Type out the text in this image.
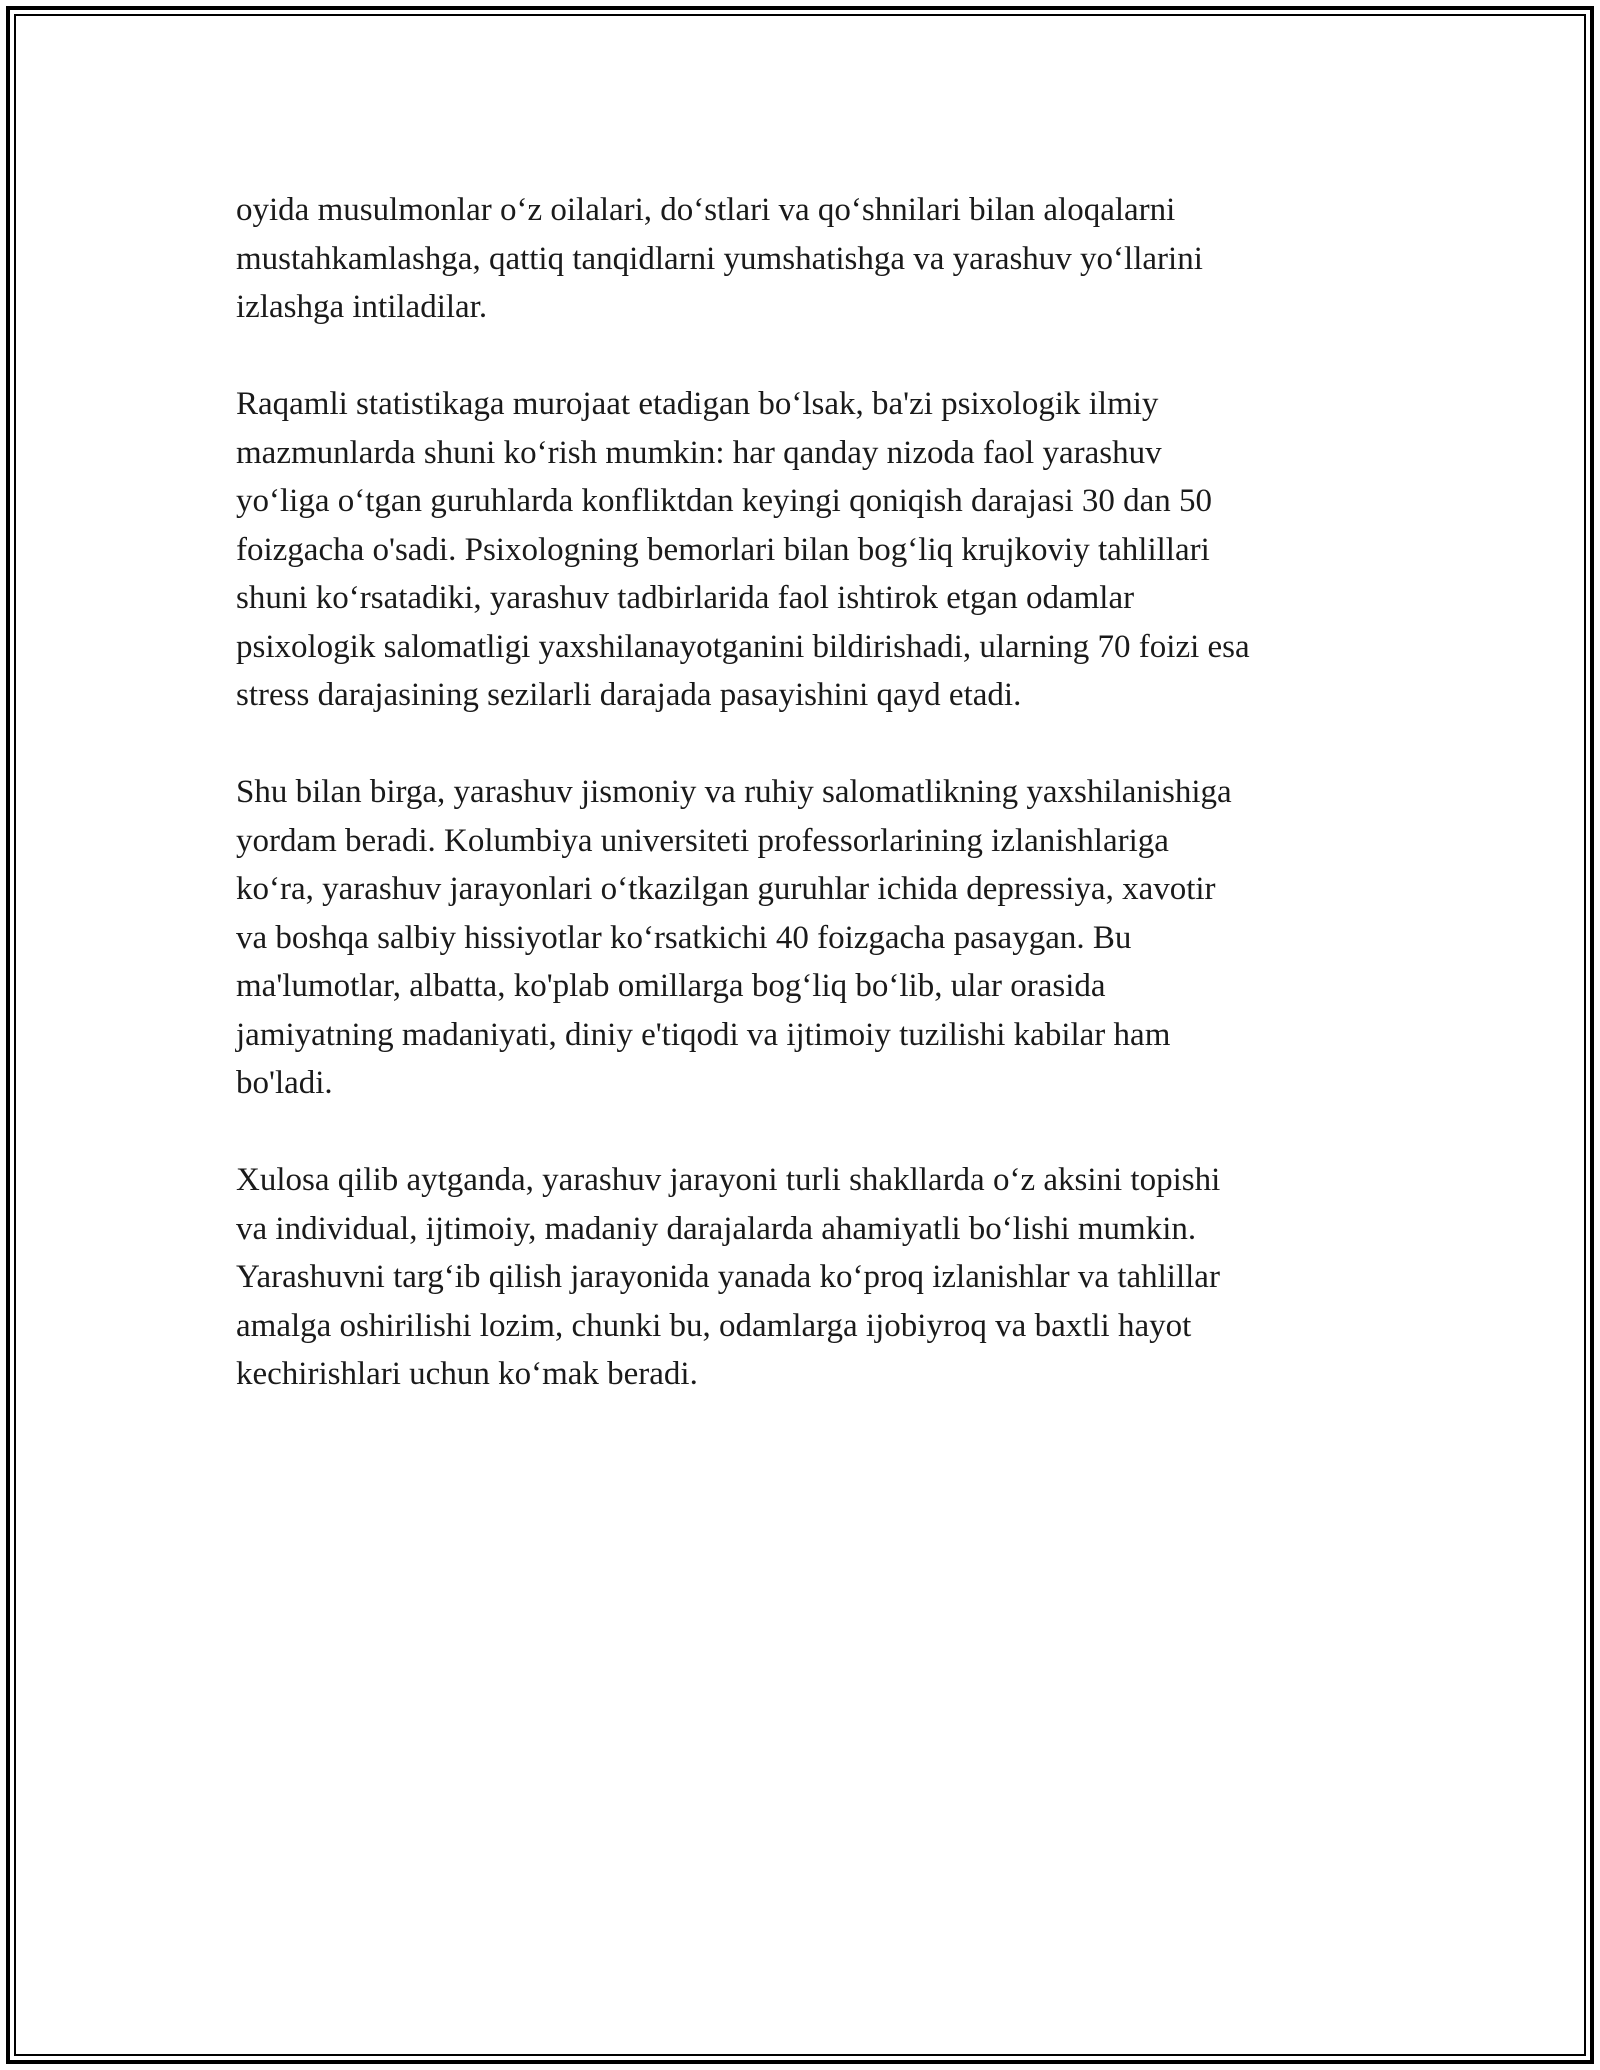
oyida musulmonlar o‘z oilalari, do‘stlari va qo‘shnilari bilan aloqalarni
mustahkamlashga, qattiq tanqidlarni yumshatishga va yarashuv yo‘llarini
izlashga intiladilar.
Raqamli statistikaga murojaat etadigan bo‘lsak, ba'zi psixologik ilmiy
mazmunlarda shuni ko‘rish mumkin: har qanday nizoda faol yarashuv
yo‘liga o‘tgan guruhlarda konfliktdan keyingi qoniqish darajasi 30 dan 50
foizgacha o'sadi. Psixologning bemorlari bilan bog‘liq krujkoviy tahlillari
shuni ko‘rsatadiki, yarashuv tadbirlarida faol ishtirok etgan odamlar
psixologik salomatligi yaxshilanayotganini bildirishadi, ularning 70 foizi esa
stress darajasining sezilarli darajada pasayishini qayd etadi.
Shu bilan birga, yarashuv jismoniy va ruhiy salomatlikning yaxshilanishiga
yordam beradi. Kolumbiya universiteti professorlarining izlanishlariga
ko‘ra, yarashuv jarayonlari o‘tkazilgan guruhlar ichida depressiya, xavotir
va boshqa salbiy hissiyotlar ko‘rsatkichi 40 foizgacha pasaygan. Bu
ma'lumotlar, albatta, ko'plab omillarga bog‘liq bo‘lib, ular orasida
jamiyatning madaniyati, diniy e'tiqodi va ijtimoiy tuzilishi kabilar ham
bo'ladi.
Xulosa qilib aytganda, yarashuv jarayoni turli shakllarda o‘z aksini topishi
va individual, ijtimoiy, madaniy darajalarda ahamiyatli bo‘lishi mumkin.
Yarashuvni targ‘ib qilish jarayonida yanada ko‘proq izlanishlar va tahlillar
amalga oshirilishi lozim, chunki bu, odamlarga ijobiyroq va baxtli hayot
kechirishlari uchun ko‘mak beradi.
